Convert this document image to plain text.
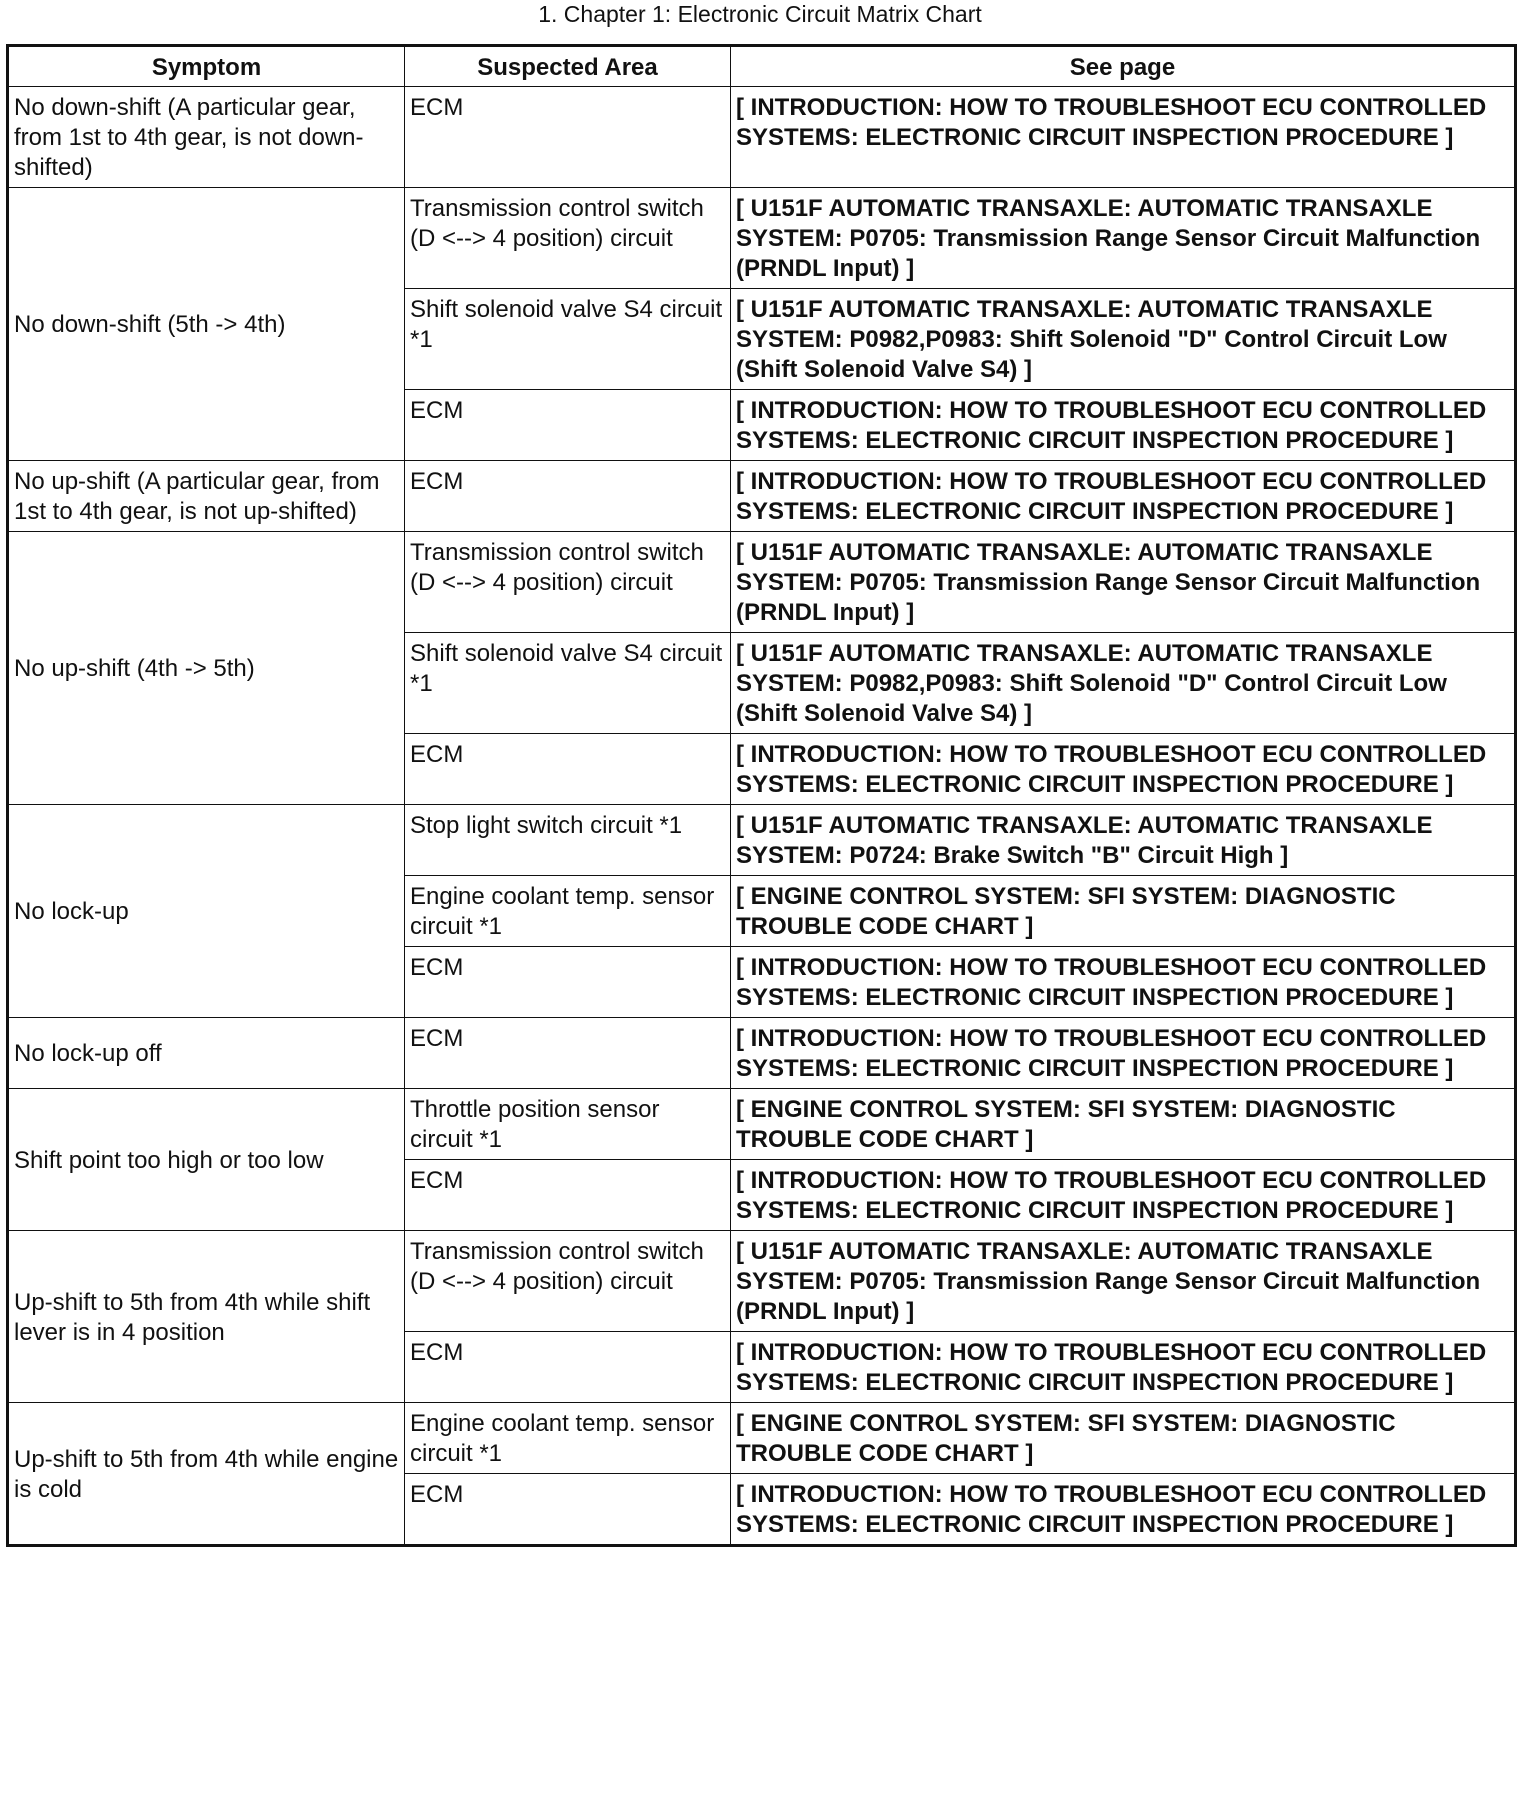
1. Chapter 1: Electronic Circuit Matrix Chart
Symptom	Suspected Area	See page
No down-shift (A particular gear, from 1st to 4th gear, is not down-shifted)	ECM	[ INTRODUCTION: HOW TO TROUBLESHOOT ECU CONTROLLED SYSTEMS: ELECTRONIC CIRCUIT INSPECTION PROCEDURE ]
No down-shift (5th -> 4th)	Transmission control switch (D <--> 4 position) circuit	[ U151F AUTOMATIC TRANSAXLE: AUTOMATIC TRANSAXLE SYSTEM: P0705: Transmission Range Sensor Circuit Malfunction (PRNDL Input) ]
	Shift solenoid valve S4 circuit *1	[ U151F AUTOMATIC TRANSAXLE: AUTOMATIC TRANSAXLE SYSTEM: P0982,P0983: Shift Solenoid "D" Control Circuit Low (Shift Solenoid Valve S4) ]
	ECM	[ INTRODUCTION: HOW TO TROUBLESHOOT ECU CONTROLLED SYSTEMS: ELECTRONIC CIRCUIT INSPECTION PROCEDURE ]
No up-shift (A particular gear, from 1st to 4th gear, is not up-shifted)	ECM	[ INTRODUCTION: HOW TO TROUBLESHOOT ECU CONTROLLED SYSTEMS: ELECTRONIC CIRCUIT INSPECTION PROCEDURE ]
No up-shift (4th -> 5th)	Transmission control switch (D <--> 4 position) circuit	[ U151F AUTOMATIC TRANSAXLE: AUTOMATIC TRANSAXLE SYSTEM: P0705: Transmission Range Sensor Circuit Malfunction (PRNDL Input) ]
	Shift solenoid valve S4 circuit *1	[ U151F AUTOMATIC TRANSAXLE: AUTOMATIC TRANSAXLE SYSTEM: P0982,P0983: Shift Solenoid "D" Control Circuit Low (Shift Solenoid Valve S4) ]
	ECM	[ INTRODUCTION: HOW TO TROUBLESHOOT ECU CONTROLLED SYSTEMS: ELECTRONIC CIRCUIT INSPECTION PROCEDURE ]
No lock-up	Stop light switch circuit *1	[ U151F AUTOMATIC TRANSAXLE: AUTOMATIC TRANSAXLE SYSTEM: P0724: Brake Switch "B" Circuit High ]
	Engine coolant temp. sensor circuit *1	[ ENGINE CONTROL SYSTEM: SFI SYSTEM: DIAGNOSTIC TROUBLE CODE CHART ]
	ECM	[ INTRODUCTION: HOW TO TROUBLESHOOT ECU CONTROLLED SYSTEMS: ELECTRONIC CIRCUIT INSPECTION PROCEDURE ]
No lock-up off	ECM	[ INTRODUCTION: HOW TO TROUBLESHOOT ECU CONTROLLED SYSTEMS: ELECTRONIC CIRCUIT INSPECTION PROCEDURE ]
Shift point too high or too low	Throttle position sensor circuit *1	[ ENGINE CONTROL SYSTEM: SFI SYSTEM: DIAGNOSTIC TROUBLE CODE CHART ]
	ECM	[ INTRODUCTION: HOW TO TROUBLESHOOT ECU CONTROLLED SYSTEMS: ELECTRONIC CIRCUIT INSPECTION PROCEDURE ]
Up-shift to 5th from 4th while shift lever is in 4 position	Transmission control switch (D <--> 4 position) circuit	[ U151F AUTOMATIC TRANSAXLE: AUTOMATIC TRANSAXLE SYSTEM: P0705: Transmission Range Sensor Circuit Malfunction (PRNDL Input) ]
	ECM	[ INTRODUCTION: HOW TO TROUBLESHOOT ECU CONTROLLED SYSTEMS: ELECTRONIC CIRCUIT INSPECTION PROCEDURE ]
Up-shift to 5th from 4th while engine is cold	Engine coolant temp. sensor circuit *1	[ ENGINE CONTROL SYSTEM: SFI SYSTEM: DIAGNOSTIC TROUBLE CODE CHART ]
	ECM	[ INTRODUCTION: HOW TO TROUBLESHOOT ECU CONTROLLED SYSTEMS: ELECTRONIC CIRCUIT INSPECTION PROCEDURE ]
